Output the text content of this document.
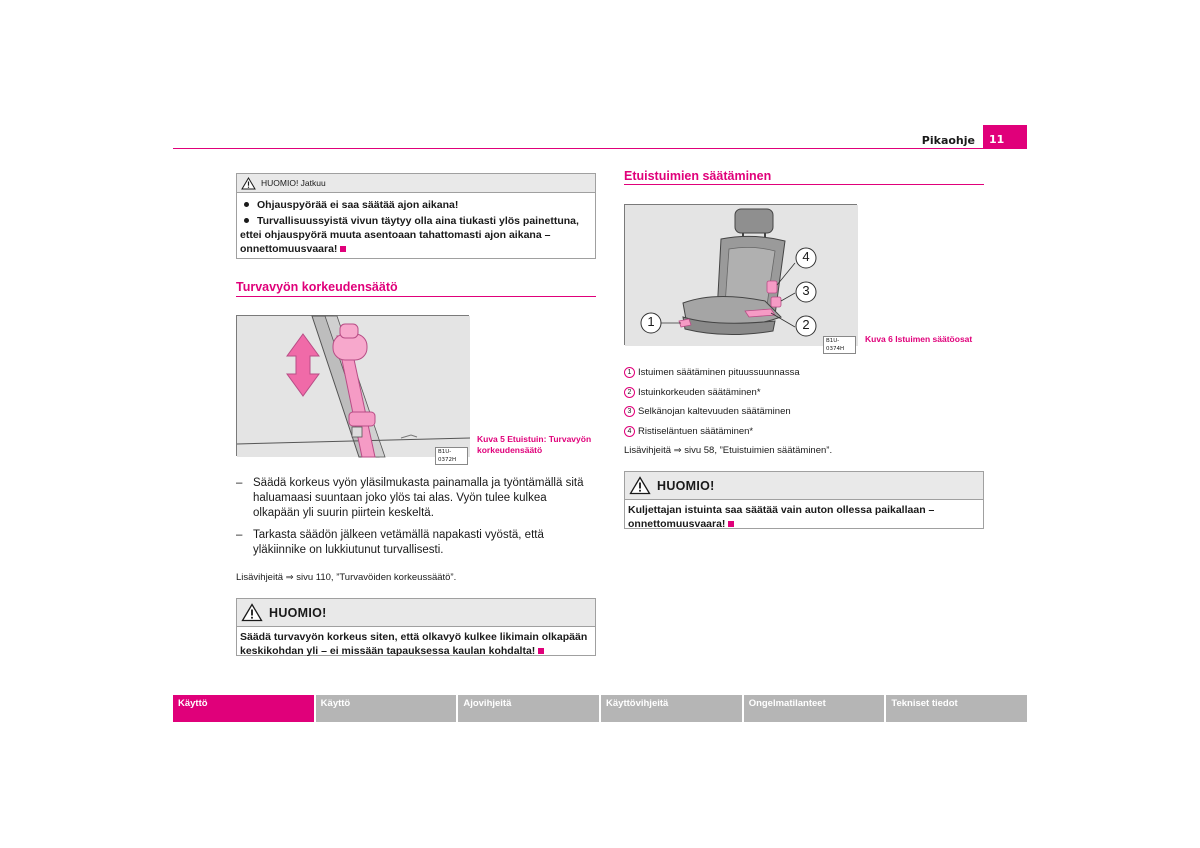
Pikaohje	11
HUOMIO! Jatkuu
Ohjauspyörää ei saa säätää ajon aikana!
Turvallisuussyistä vivun täytyy olla aina tiukasti ylös painettuna, ettei ohjauspyörä muuta asentoaan tahattomasti ajon aikana – onnettomuusvaara!
Turvavyön korkeudensäätö
B1U-0372H
Kuva 5 Etuistuin: Turvavyön korkeudensäätö
– Säädä korkeus vyön yläsilmukasta painamalla ja työntämällä sitä haluamaasi suuntaan joko ylös tai alas. Vyön tulee kulkea olkapään yli suurin piirtein keskeltä.
– Tarkasta säädön jälkeen vetämällä napakasti vyöstä, että yläkiinnike on lukkiutunut turvallisesti.
Lisävihjeitä ⇒ sivu 110, ”Turvavöiden korkeussäätö”.
HUOMIO!
Säädä turvavyön korkeus siten, että olkavyö kulkee likimain olkapään keskikohdan yli – ei missään tapauksessa kaulan kohdalta!
Etuistuimien säätäminen
1	2
3
4
B1U-0374H
Kuva 6 Istuimen säätöosat
1 Istuimen säätäminen pituussuunnassa
2 Istuinkorkeuden säätäminen*
3 Selkänojan kaltevuuden säätäminen
4 Ristiseläntuen säätäminen*
Lisävihjeitä ⇒ sivu 58, ”Etuistuimien säätäminen”.
HUOMIO!
Kuljettajan istuinta saa säätää vain auton ollessa paikallaan – onnettomuusvaara!
Käyttö	Käyttö	Ajovihjeitä	Käyttövihjeitä	Ongelmatilanteet	Tekniset tiedot
